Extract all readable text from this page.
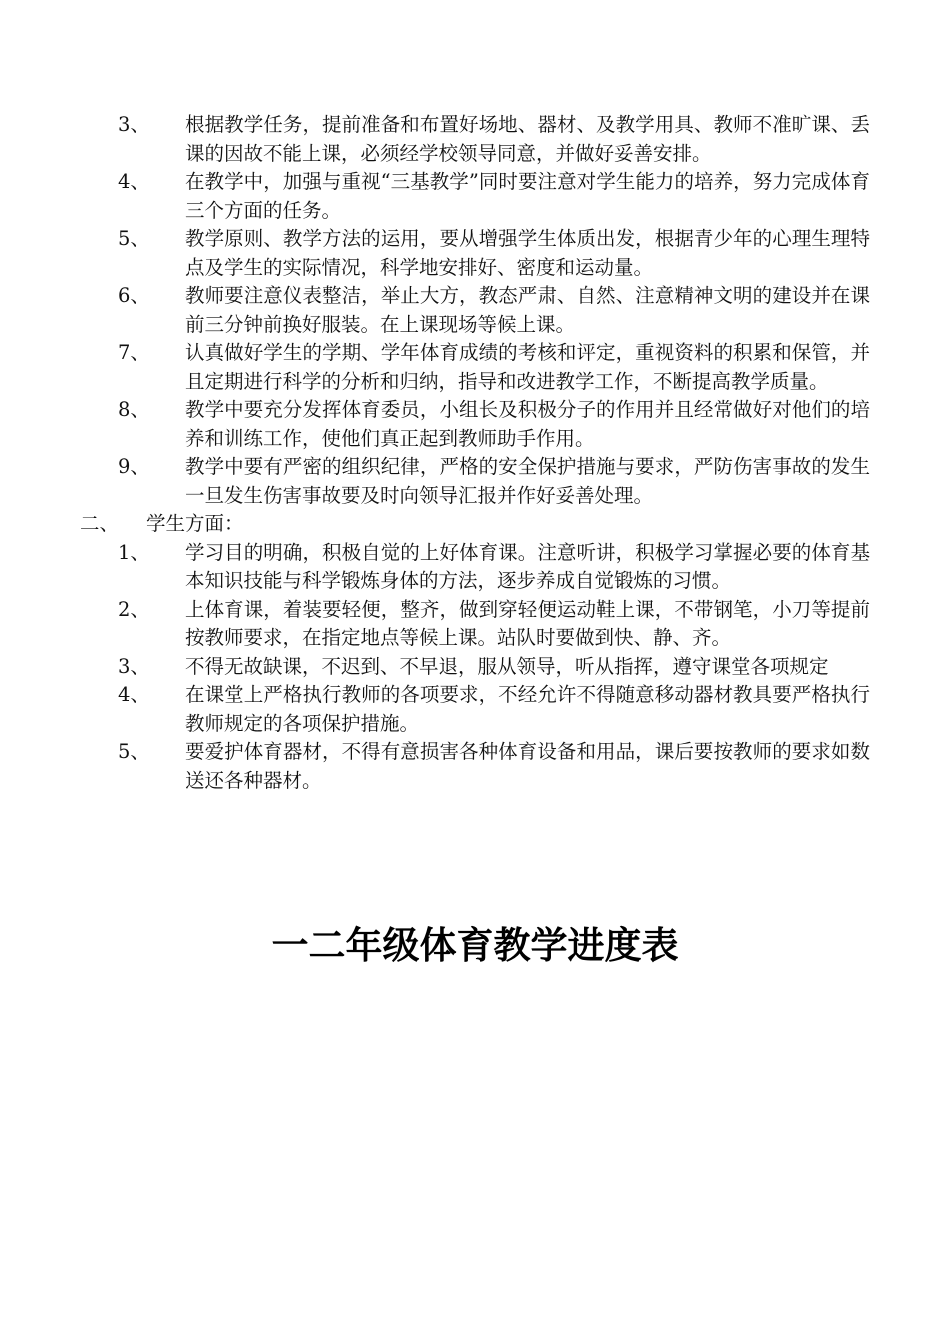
3、 根据教学任务，提前准备和布置好场地、器材、及教学用具、教师不准旷课、丢课的因故不能上课，必须经学校领导同意，并做好妥善安排。
4、 在教学中，加强与重视“三基教学”同时要注意对学生能力的培养，努力完成体育三个方面的任务。
5、 教学原则、教学方法的运用，要从增强学生体质出发，根据青少年的心理生理特点及学生的实际情况，科学地安排好、密度和运动量。
6、 教师要注意仪表整洁，举止大方，教态严肃、自然、注意精神文明的建设并在课前三分钟前换好服装。在上课现场等候上课。
7、 认真做好学生的学期、学年体育成绩的考核和评定，重视资料的积累和保管，并且定期进行科学的分析和归纳，指导和改进教学工作，不断提高教学质量。
8、 教学中要充分发挥体育委员，小组长及积极分子的作用并且经常做好对他们的培养和训练工作，使他们真正起到教师助手作用。
9、 教学中要有严密的组织纪律，严格的安全保护措施与要求，严防伤害事故的发生一旦发生伤害事故要及时向领导汇报并作好妥善处理。
二、 学生方面：
1、 学习目的明确，积极自觉的上好体育课。注意听讲，积极学习掌握必要的体育基本知识技能与科学锻炼身体的方法，逐步养成自觉锻炼的习惯。
2、 上体育课，着装要轻便，整齐，做到穿轻便运动鞋上课，不带钢笔，小刀等提前按教师要求，在指定地点等候上课。站队时要做到快、静、齐。
3、 不得无故缺课，不迟到、不早退，服从领导，听从指挥，遵守课堂各项规定
4、 在课堂上严格执行教师的各项要求，不经允许不得随意移动器材教具要严格执行教师规定的各项保护措施。
5、 要爱护体育器材，不得有意损害各种体育设备和用品，课后要按教师的要求如数送还各种器材。
一二年级体育教学进度表
